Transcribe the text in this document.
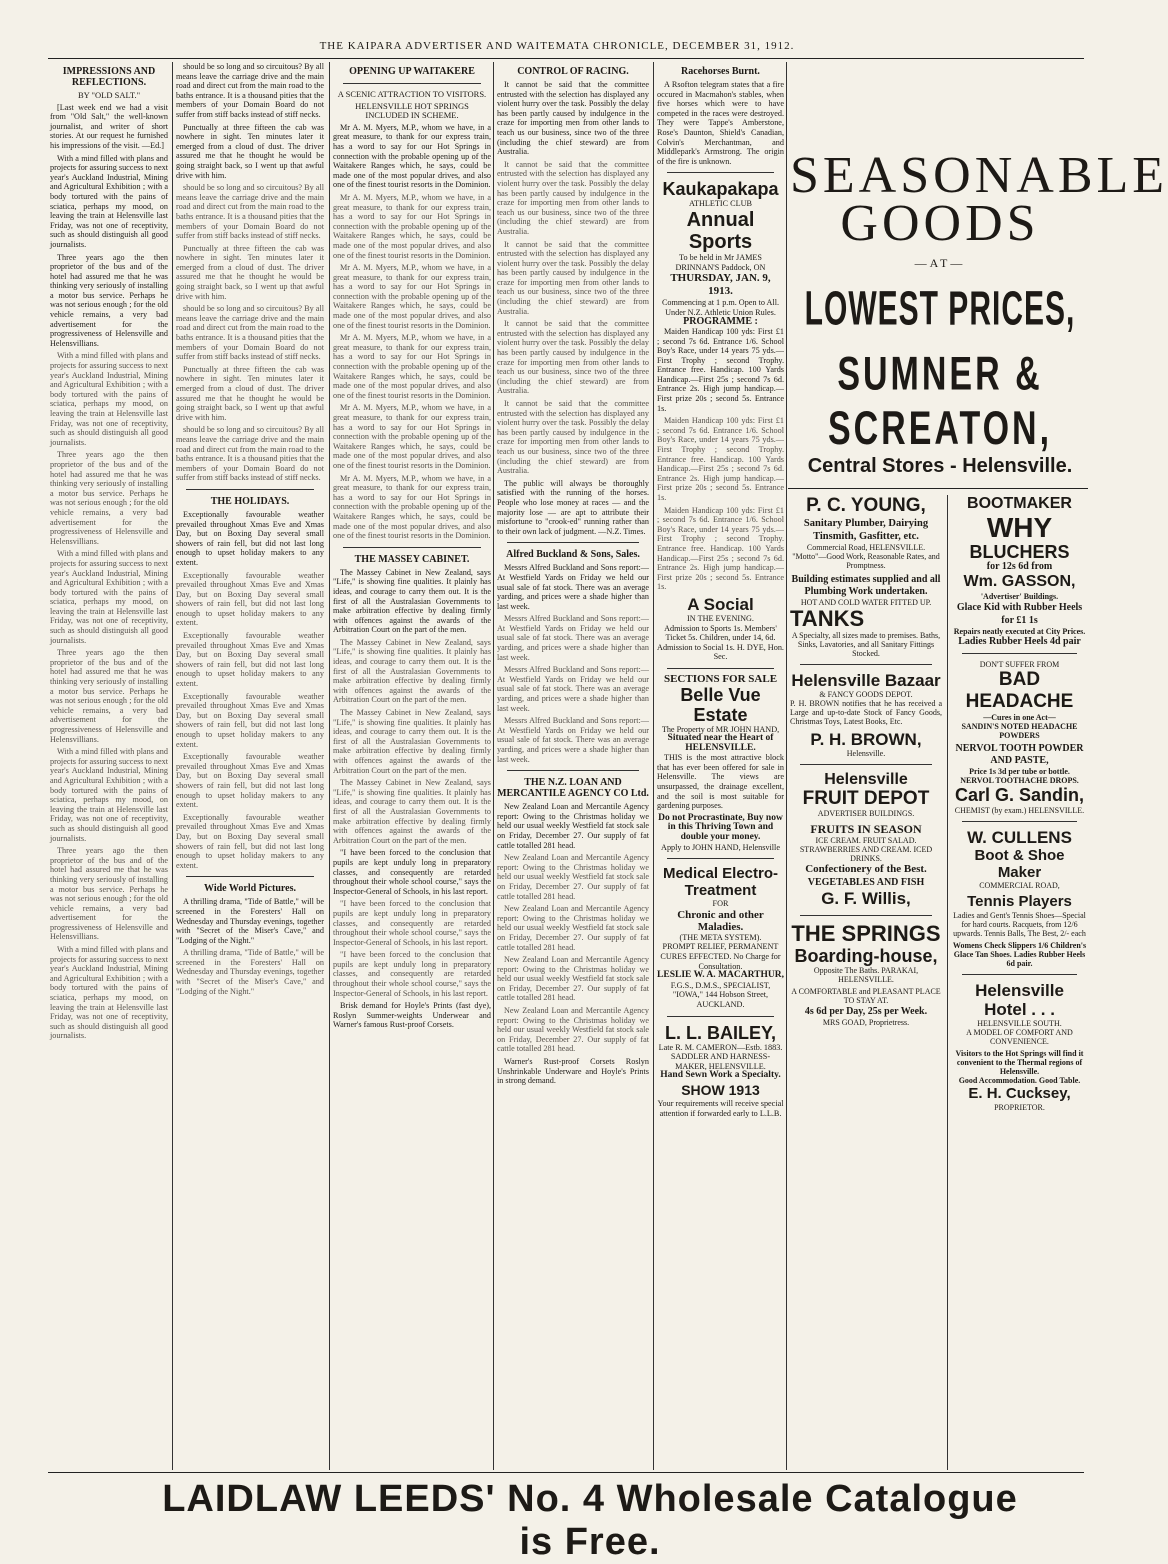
THE KAIPARA ADVERTISER AND WAITEMATA CHRONICLE, DECEMBER 31, 1912.
IMPRESSIONS AND REFLECTIONS.
BY "OLD SALT."

[Last week end we had a visit from "Old Salt," the well-known journalist, and writer of short stories. At our request he furnished his impressions of the visit. —Ed.]

With a mind filled with plans and projects for assuring success to next year's Auckland Industrial, Mining and Agricultural Exhibition ; with a body tortured with the pains of sciatica, perhaps my mood, on leaving the train at Helensville last Friday, was not one of receptivity, such as should distinguish all good journalists.

Three years ago the then proprietor of the bus and of the hotel had assured me that he was thinking very seriously of installing a motor bus service. Perhaps he was not serious enough ; for the old vehicle remains, a very bad advertisement for the progressiveness of Helensville and Helensvillians.

With a mind filled with plans and projects for assuring success to next year's Auckland Industrial, Mining and Agricultural Exhibition ; with a body tortured with the pains of sciatica, perhaps my mood, on leaving the train at Helensville last Friday, was not one of receptivity, such as should distinguish all good journalists.

Three years ago the then proprietor of the bus and of the hotel had assured me that he was thinking very seriously of installing a motor bus service. Perhaps he was not serious enough ; for the old vehicle remains, a very bad advertisement for the progressiveness of Helensville and Helensvillians.

With a mind filled with plans and projects for assuring success to next year's Auckland Industrial, Mining and Agricultural Exhibition ; with a body tortured with the pains of sciatica, perhaps my mood, on leaving the train at Helensville last Friday, was not one of receptivity, such as should distinguish all good journalists.

Three years ago the then proprietor of the bus and of the hotel had assured me that he was thinking very seriously of installing a motor bus service. Perhaps he was not serious enough ; for the old vehicle remains, a very bad advertisement for the progressiveness of Helensville and Helensvillians.

With a mind filled with plans and projects for assuring success to next year's Auckland Industrial, Mining and Agricultural Exhibition ; with a body tortured with the pains of sciatica, perhaps my mood, on leaving the train at Helensville last Friday, was not one of receptivity, such as should distinguish all good journalists.

Three years ago the then proprietor of the bus and of the hotel had assured me that he was thinking very seriously of installing a motor bus service. Perhaps he was not serious enough ; for the old vehicle remains, a very bad advertisement for the progressiveness of Helensville and Helensvillians.

With a mind filled with plans and projects for assuring success to next year's Auckland Industrial, Mining and Agricultural Exhibition ; with a body tortured with the pains of sciatica, perhaps my mood, on leaving the train at Helensville last Friday, was not one of receptivity, such as should distinguish all good journalists.

should be so long and so circuitous? By all means leave the carriage drive and the main road and direct cut from the main road to the baths entrance. It is a thousand pities that the members of your Domain Board do not suffer from stiff backs instead of stiff necks.

Punctually at three fifteen the cab was nowhere in sight. Ten minutes later it emerged from a cloud of dust. The driver assured me that he thought he would be going straight back, so I went up that awful drive with him.

should be so long and so circuitous? By all means leave the carriage drive and the main road and direct cut from the main road to the baths entrance. It is a thousand pities that the members of your Domain Board do not suffer from stiff backs instead of stiff necks.

Punctually at three fifteen the cab was nowhere in sight. Ten minutes later it emerged from a cloud of dust. The driver assured me that he thought he would be going straight back, so I went up that awful drive with him.

should be so long and so circuitous? By all means leave the carriage drive and the main road and direct cut from the main road to the baths entrance. It is a thousand pities that the members of your Domain Board do not suffer from stiff backs instead of stiff necks.

Punctually at three fifteen the cab was nowhere in sight. Ten minutes later it emerged from a cloud of dust. The driver assured me that he thought he would be going straight back, so I went up that awful drive with him.

should be so long and so circuitous? By all means leave the carriage drive and the main road and direct cut from the main road to the baths entrance. It is a thousand pities that the members of your Domain Board do not suffer from stiff backs instead of stiff necks.

THE HOLIDAYS.

Exceptionally favourable weather prevailed throughout Xmas Eve and Xmas Day, but on Boxing Day several small showers of rain fell, but did not last long enough to upset holiday makers to any extent.

Exceptionally favourable weather prevailed throughout Xmas Eve and Xmas Day, but on Boxing Day several small showers of rain fell, but did not last long enough to upset holiday makers to any extent.

Exceptionally favourable weather prevailed throughout Xmas Eve and Xmas Day, but on Boxing Day several small showers of rain fell, but did not last long enough to upset holiday makers to any extent.

Exceptionally favourable weather prevailed throughout Xmas Eve and Xmas Day, but on Boxing Day several small showers of rain fell, but did not last long enough to upset holiday makers to any extent.

Exceptionally favourable weather prevailed throughout Xmas Eve and Xmas Day, but on Boxing Day several small showers of rain fell, but did not last long enough to upset holiday makers to any extent.

Exceptionally favourable weather prevailed throughout Xmas Eve and Xmas Day, but on Boxing Day several small showers of rain fell, but did not last long enough to upset holiday makers to any extent.

Wide World Pictures.

A thrilling drama, "Tide of Battle," will be screened in the Foresters' Hall on Wednesday and Thursday evenings, together with "Secret of the Miser's Cave," and "Lodging of the Night."

A thrilling drama, "Tide of Battle," will be screened in the Foresters' Hall on Wednesday and Thursday evenings, together with "Secret of the Miser's Cave," and "Lodging of the Night."

OPENING UP WAITAKERE
A SCENIC ATTRACTION TO VISITORS.
HELENSVILLE HOT SPRINGS INCLUDED IN SCHEME.

Mr A. M. Myers, M.P., whom we have, in a great measure, to thank for our express train, has a word to say for our Hot Springs in connection with the probable opening up of the Waitakere Ranges which, he says, could be made one of the most popular drives, and also one of the finest tourist resorts in the Dominion.

Mr A. M. Myers, M.P., whom we have, in a great measure, to thank for our express train, has a word to say for our Hot Springs in connection with the probable opening up of the Waitakere Ranges which, he says, could be made one of the most popular drives, and also one of the finest tourist resorts in the Dominion.

Mr A. M. Myers, M.P., whom we have, in a great measure, to thank for our express train, has a word to say for our Hot Springs in connection with the probable opening up of the Waitakere Ranges which, he says, could be made one of the most popular drives, and also one of the finest tourist resorts in the Dominion.

Mr A. M. Myers, M.P., whom we have, in a great measure, to thank for our express train, has a word to say for our Hot Springs in connection with the probable opening up of the Waitakere Ranges which, he says, could be made one of the most popular drives, and also one of the finest tourist resorts in the Dominion.

Mr A. M. Myers, M.P., whom we have, in a great measure, to thank for our express train, has a word to say for our Hot Springs in connection with the probable opening up of the Waitakere Ranges which, he says, could be made one of the most popular drives, and also one of the finest tourist resorts in the Dominion.

Mr A. M. Myers, M.P., whom we have, in a great measure, to thank for our express train, has a word to say for our Hot Springs in connection with the probable opening up of the Waitakere Ranges which, he says, could be made one of the most popular drives, and also one of the finest tourist resorts in the Dominion.

THE MASSEY CABINET.

The Massey Cabinet in New Zealand, says "Life," is showing fine qualities. It plainly has ideas, and courage to carry them out. It is the first of all the Australasian Governments to make arbitration effective by dealing firmly with offences against the awards of the Arbitration Court on the part of the men.

The Massey Cabinet in New Zealand, says "Life," is showing fine qualities. It plainly has ideas, and courage to carry them out. It is the first of all the Australasian Governments to make arbitration effective by dealing firmly with offences against the awards of the Arbitration Court on the part of the men.

The Massey Cabinet in New Zealand, says "Life," is showing fine qualities. It plainly has ideas, and courage to carry them out. It is the first of all the Australasian Governments to make arbitration effective by dealing firmly with offences against the awards of the Arbitration Court on the part of the men.

The Massey Cabinet in New Zealand, says "Life," is showing fine qualities. It plainly has ideas, and courage to carry them out. It is the first of all the Australasian Governments to make arbitration effective by dealing firmly with offences against the awards of the Arbitration Court on the part of the men.

"I have been forced to the conclusion that pupils are kept unduly long in preparatory classes, and consequently are retarded throughout their whole school course," says the Inspector-General of Schools, in his last report.

"I have been forced to the conclusion that pupils are kept unduly long in preparatory classes, and consequently are retarded throughout their whole school course," says the Inspector-General of Schools, in his last report.

"I have been forced to the conclusion that pupils are kept unduly long in preparatory classes, and consequently are retarded throughout their whole school course," says the Inspector-General of Schools, in his last report.

Brisk demand for Hoyle's Prints (fast dye), Roslyn Summer-weights Underwear and Warner's famous Rust-proof Corsets.

CONTROL OF RACING.

It cannot be said that the committee entrusted with the selection has displayed any violent hurry over the task. Possibly the delay has been partly caused by indulgence in the craze for importing men from other lands to teach us our business, since two of the three (including the chief steward) are from Australia.

It cannot be said that the committee entrusted with the selection has displayed any violent hurry over the task. Possibly the delay has been partly caused by indulgence in the craze for importing men from other lands to teach us our business, since two of the three (including the chief steward) are from Australia.

It cannot be said that the committee entrusted with the selection has displayed any violent hurry over the task. Possibly the delay has been partly caused by indulgence in the craze for importing men from other lands to teach us our business, since two of the three (including the chief steward) are from Australia.

It cannot be said that the committee entrusted with the selection has displayed any violent hurry over the task. Possibly the delay has been partly caused by indulgence in the craze for importing men from other lands to teach us our business, since two of the three (including the chief steward) are from Australia.

It cannot be said that the committee entrusted with the selection has displayed any violent hurry over the task. Possibly the delay has been partly caused by indulgence in the craze for importing men from other lands to teach us our business, since two of the three (including the chief steward) are from Australia.

The public will always be thoroughly satisfied with the running of the horses. People who lose money at races — and the majority lose — are apt to attribute their misfortune to "crook-ed" running rather than to their own lack of judgment. —N.Z. Times.

Alfred Buckland & Sons, Sales.

Messrs Alfred Buckland and Sons report:— At Westfield Yards on Friday we held our usual sale of fat stock. There was an average yarding, and prices were a shade higher than last week.

Messrs Alfred Buckland and Sons report:— At Westfield Yards on Friday we held our usual sale of fat stock. There was an average yarding, and prices were a shade higher than last week.

Messrs Alfred Buckland and Sons report:— At Westfield Yards on Friday we held our usual sale of fat stock. There was an average yarding, and prices were a shade higher than last week.

Messrs Alfred Buckland and Sons report:— At Westfield Yards on Friday we held our usual sale of fat stock. There was an average yarding, and prices were a shade higher than last week.

THE N.Z. LOAN AND MERCANTILE AGENCY CO Ltd.

New Zealand Loan and Mercantile Agency report: Owing to the Christmas holiday we held our usual weekly Westfield fat stock sale on Friday, December 27. Our supply of fat cattle totalled 281 head.

New Zealand Loan and Mercantile Agency report: Owing to the Christmas holiday we held our usual weekly Westfield fat stock sale on Friday, December 27. Our supply of fat cattle totalled 281 head.

New Zealand Loan and Mercantile Agency report: Owing to the Christmas holiday we held our usual weekly Westfield fat stock sale on Friday, December 27. Our supply of fat cattle totalled 281 head.

New Zealand Loan and Mercantile Agency report: Owing to the Christmas holiday we held our usual weekly Westfield fat stock sale on Friday, December 27. Our supply of fat cattle totalled 281 head.

New Zealand Loan and Mercantile Agency report: Owing to the Christmas holiday we held our usual weekly Westfield fat stock sale on Friday, December 27. Our supply of fat cattle totalled 281 head.

Warner's Rust-proof Corsets Roslyn Unshrinkable Underware and Hoyle's Prints in strong demand.

Racehorses Burnt.

A Rsofton telegram states that a fire occured in Macmahon's stables, when five horses which were to have competed in the races were destroyed. They were Tappe's Amberstone, Rose's Daunton, Shield's Canadian, Colvin's Merchantman, and Middlepark's Armstrong. The origin of the fire is unknown.

Kaukapakapa
ATHLETIC CLUB
Annual Sports
To be held in Mr JAMES DRINNAN'S Paddock, ON
THURSDAY, JAN. 9, 1913.
Commencing at 1 p.m. Open to All. Under N.Z. Athletic Union Rules.
PROGRAMME :

Maiden Handicap 100 yds: First £1 ; second 7s 6d. Entrance 1/6. School Boy's Race, under 14 years 75 yds.— First Trophy ; second Trophy. Entrance free. Handicap. 100 Yards Handicap.—First 25s ; second 7s 6d. Entrance 2s. High jump handicap.—First prize 20s ; second 5s. Entrance 1s.

Maiden Handicap 100 yds: First £1 ; second 7s 6d. Entrance 1/6. School Boy's Race, under 14 years 75 yds.— First Trophy ; second Trophy. Entrance free. Handicap. 100 Yards Handicap.—First 25s ; second 7s 6d. Entrance 2s. High jump handicap.—First prize 20s ; second 5s. Entrance 1s.

Maiden Handicap 100 yds: First £1 ; second 7s 6d. Entrance 1/6. School Boy's Race, under 14 years 75 yds.— First Trophy ; second Trophy. Entrance free. Handicap. 100 Yards Handicap.—First 25s ; second 7s 6d. Entrance 2s. High jump handicap.—First prize 20s ; second 5s. Entrance 1s.

A Social
IN THE EVENING.
Admission to Sports 1s. Members' Ticket 5s. Children, under 14, 6d. Admission to Social 1s. H. DYE, Hon. Sec.
SECTIONS FOR SALE
Belle Vue Estate
The Property of MR JOHN HAND,
Situated near the Heart of HELENSVILLE.

THIS is the most attractive block that has ever been offered for sale in Helensville. The views are unsurpassed, the drainage excellent, and the soil is most suitable for gardening purposes.

Do not Procrastinate, Buy now in this Thriving Town and double your money.
Apply to JOHN HAND, Helensville
Medical Electro-Treatment
FOR
Chronic and other Maladies.
(THE META SYSTEM).
PROMPT RELIEF, PERMANENT CURES EFFECTED. No Charge for Consultation.
LESLIE W. A. MACARTHUR,
F.G.S., D.M.S., SPECIALIST, "IOWA," 144 Hobson Street, AUCKLAND.
L. L. BAILEY,
Late R. M. CAMERON—Estb. 1883. SADDLER AND HARNESS-MAKER, HELENSVILLE.
Hand Sewn Work a Specialty.
SHOW 1913
Your requirements will receive special attention if forwarded early to L.L.B.
SEASONABLE
GOODS
—AT—
LOWEST PRICES,
SUMNER & SCREATON,
Central Stores - Helensville.
P. C. YOUNG,
Sanitary Plumber, Dairying Tinsmith, Gasfitter, etc.
Commercial Road, HELENSVILLE. "Motto"—Good Work, Reasonable Rates, and Promptness.
Building estimates supplied and all Plumbing Work undertaken.
HOT AND COLD WATER FITTED UP.
TANKS
A Specialty, all sizes made to premises. Baths, Sinks, Lavatories, and all Sanitary Fittings Stocked.
Helensville Bazaar
& FANCY GOODS DEPOT.
P. H. BROWN notifies that he has received a Large and up-to-date Stock of Fancy Goods, Christmas Toys, Latest Books, Etc.
P. H. BROWN,
Helensville.
Helensville
FRUIT DEPOT
ADVERTISER BUILDINGS.
FRUITS IN SEASON
ICE CREAM. FRUIT SALAD. STRAWBERRIES AND CREAM. ICED DRINKS.
Confectionery of the Best.
VEGETABLES AND FISH
G. F. Willis,
THE SPRINGS
Boarding-house,
Opposite The Baths. PARAKAI, HELENSVILLE.
A COMFORTABLE and PLEASANT PLACE TO STAY AT.
4s 6d per Day, 25s per Week.
MRS GOAD, Proprietress.
BOOTMAKER
WHY
BLUCHERS
for 12s 6d from
Wm. GASSON,
'Advertiser' Buildings.
Glace Kid with Rubber Heels for £1 1s
Repairs neatly executed at City Prices.
Ladies Rubber Heels 4d pair
DON'T SUFFER FROM
BAD HEADACHE
—Cures in one Act—
SANDIN'S NOTED HEADACHE POWDERS
NERVOL TOOTH POWDER AND PASTE,
Price 1s 3d per tube or bottle.
NERVOL TOOTHACHE DROPS.
Carl G. Sandin,
CHEMIST (by exam.) HELENSVILLE.
W. CULLENS
Boot & Shoe Maker
COMMERCIAL ROAD,
Tennis Players
Ladies and Gent's Tennis Shoes—Special for hard courts. Racquets, from 12/6 upwards. Tennis Balls, The Best, 2/- each
Womens Check Slippers 1/6 Children's Glace Tan Shoes. Ladies Rubber Heels 6d pair.
Helensville Hotel . . .
HELENSVILLE SOUTH.
A MODEL OF COMFORT AND CONVENIENCE.
Visitors to the Hot Springs will find it convenient to the Thermal regions of Helensville.
Good Accommodation. Good Table.
E. H. Cucksey,
PROPRIETOR.
LAIDLAW LEEDS' No. 4 Wholesale Catalogue is Free.
